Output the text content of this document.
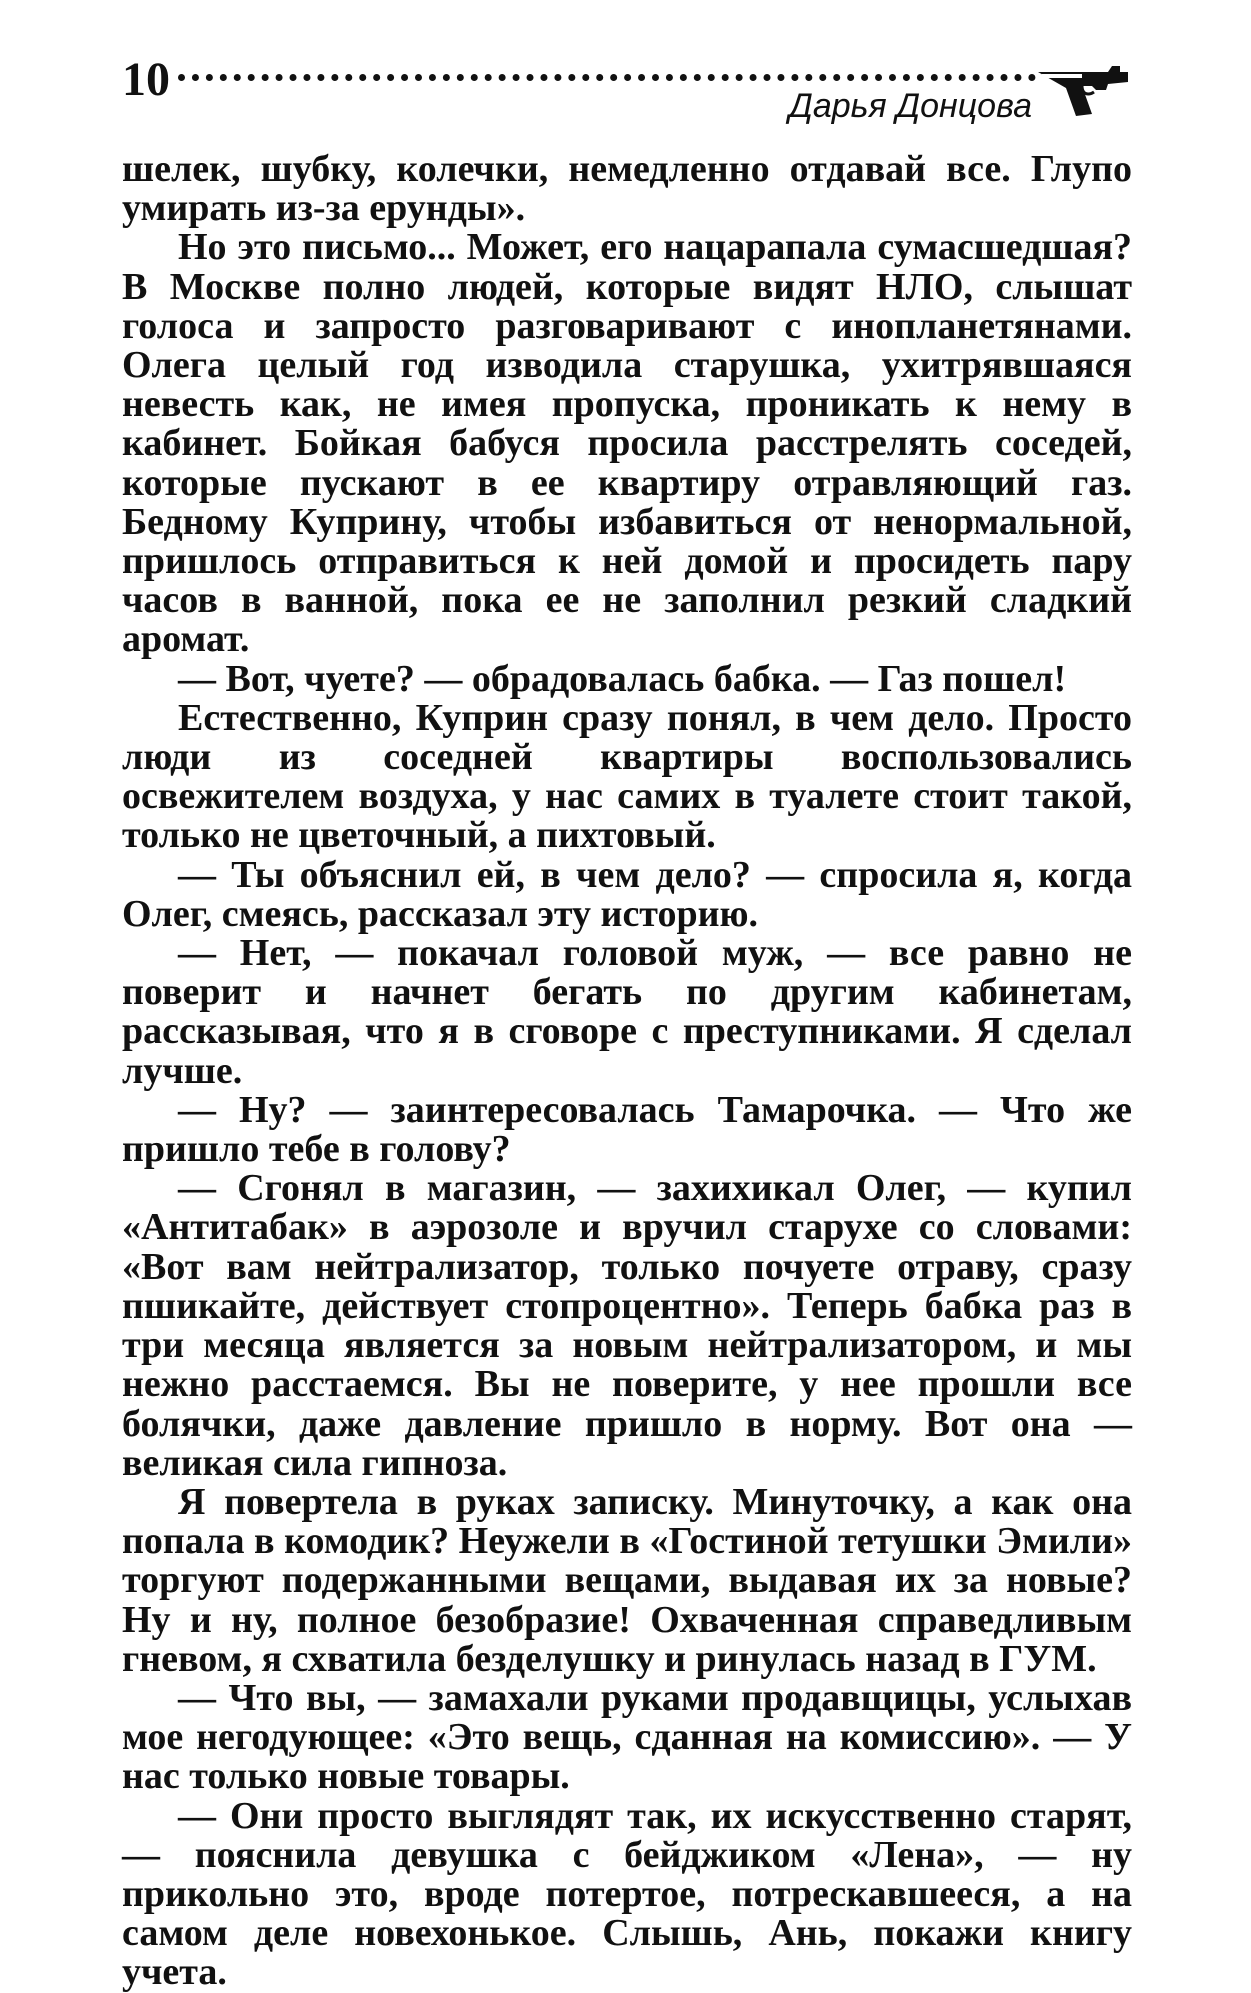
10	Дарья Донцова

шелек, шубку, колечки, немедленно отдавай все. Глупо умирать из-за ерунды».

Но это письмо... Может, его нацарапала сумасшедшая? В Москве полно людей, которые видят НЛО, слышат голоса и запросто разговаривают с инопланетянами. Олега целый год изводила старушка, ухитрявшаяся невесть как, не имея пропуска, проникать к нему в кабинет. Бойкая бабуся просила расстрелять соседей, которые пускают в ее квартиру отравляющий газ. Бедному Куприну, чтобы избавиться от ненормальной, пришлось отправиться к ней домой и просидеть пару часов в ванной, пока ее не заполнил резкий сладкий аромат.

— Вот, чуете? — обрадовалась бабка. — Газ пошел!

Естественно, Куприн сразу понял, в чем дело. Просто люди из соседней квартиры воспользовались освежителем воздуха, у нас самих в туалете стоит такой, только не цветочный, а пихтовый.

— Ты объяснил ей, в чем дело? — спросила я, когда Олег, смеясь, рассказал эту историю.

— Нет, — покачал головой муж, — все равно не поверит и начнет бегать по другим кабинетам, рассказывая, что я в сговоре с преступниками. Я сделал лучше.

— Ну? — заинтересовалась Тамарочка. — Что же пришло тебе в голову?

— Сгонял в магазин, — захихикал Олег, — купил «Антитабак» в аэрозоле и вручил старухе со словами: «Вот вам нейтрализатор, только почуете отраву, сразу пшикайте, действует стопроцентно». Теперь бабка раз в три месяца является за новым нейтрализатором, и мы нежно расстаемся. Вы не поверите, у нее прошли все болячки, даже давление пришло в норму. Вот она — великая сила гипноза.

Я повертела в руках записку. Минуточку, а как она попала в комодик? Неужели в «Гостиной тетушки Эмили» торгуют подержанными вещами, выдавая их за новые? Ну и ну, полное безобразие! Охваченная справедливым гневом, я схватила безделушку и ринулась назад в ГУМ.

— Что вы, — замахали руками продавщицы, услыхав мое негодующее: «Это вещь, сданная на комиссию». — У нас только новые товары.

— Они просто выглядят так, их искусственно старят, — пояснила девушка с бейджиком «Лена», — ну прикольно это, вроде потертое, потрескавшееся, а на самом деле новехонькое. Слышь, Ань, покажи книгу учета.
